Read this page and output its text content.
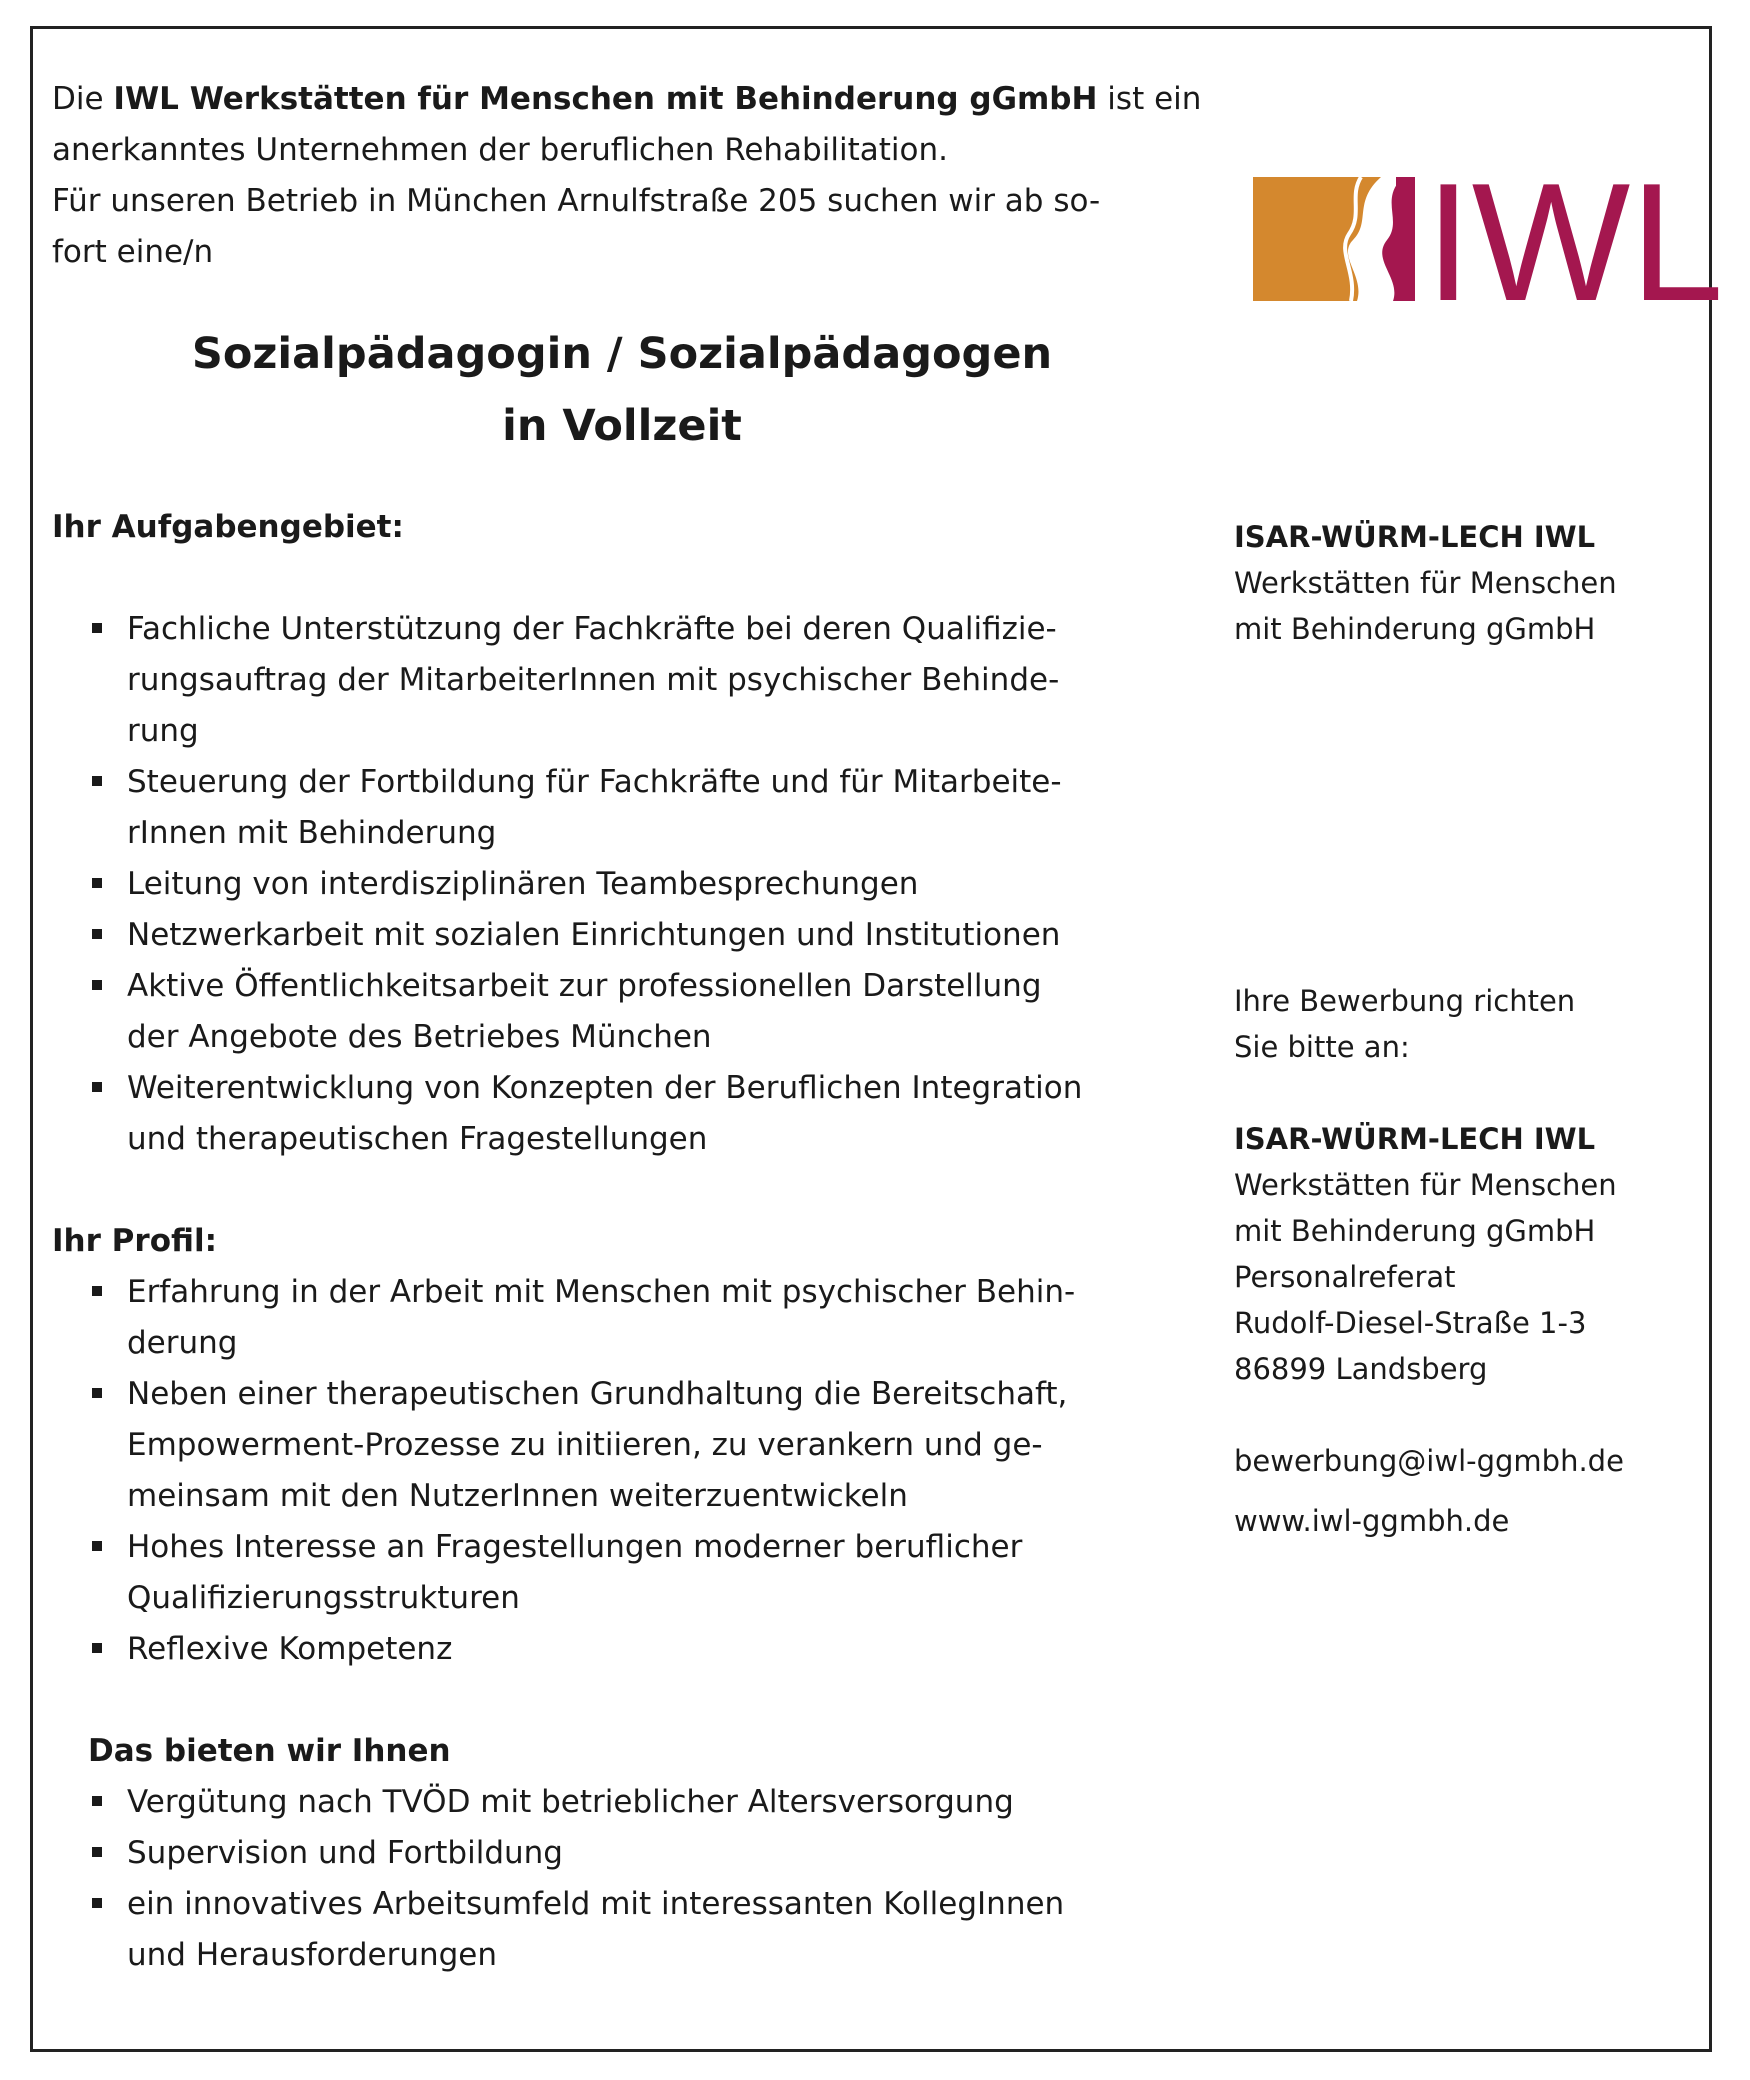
Die IWL Werkstätten für Menschen mit Behinderung gGmbH ist ein
anerkanntes Unternehmen der beruflichen Rehabilitation.
Für unseren Betrieb in München Arnulfstraße 205 suchen wir ab so-
fort eine/n

Sozialpädagogin / Sozialpädagogen
in Vollzeit
Ihr Aufgabengebiet:
Fachliche Unterstützung der Fachkräfte bei deren Qualifizie-
rungsauftrag der MitarbeiterInnen mit psychischer Behinde-
rung
Steuerung der Fortbildung für Fachkräfte und für Mitarbeite-
rInnen mit Behinderung
Leitung von interdisziplinären Teambesprechungen
Netzwerkarbeit mit sozialen Einrichtungen und Institutionen
Aktive Öffentlichkeitsarbeit zur professionellen Darstellung
der Angebote des Betriebes München
Weiterentwicklung von Konzepten der Beruflichen Integration
und therapeutischen Fragestellungen
Ihr Profil:
Erfahrung in der Arbeit mit Menschen mit psychischer Behin-
derung
Neben einer therapeutischen Grundhaltung die Bereitschaft,
Empowerment-Prozesse zu initiieren, zu verankern und ge-
meinsam mit den NutzerInnen weiterzuentwickeln
Hohes Interesse an Fragestellungen moderner beruflicher
Qualifizierungsstrukturen
Reflexive Kompetenz
Das bieten wir Ihnen
Vergütung nach TVÖD mit betrieblicher Altersversorgung
Supervision und Fortbildung
ein innovatives Arbeitsumfeld mit interessanten KollegInnen
und Herausforderungen
IWL

ISAR-WÜRM-LECH IWL

Werkstätten für Menschen

mit Behinderung gGmbH

Ihre Bewerbung richten

Sie bitte an:

ISAR-WÜRM-LECH IWL

Werkstätten für Menschen

mit Behinderung gGmbH

Personalreferat

Rudolf-Diesel-Straße 1-3

86899 Landsberg

bewerbung@iwl-ggmbh.de

www.iwl-ggmbh.de
